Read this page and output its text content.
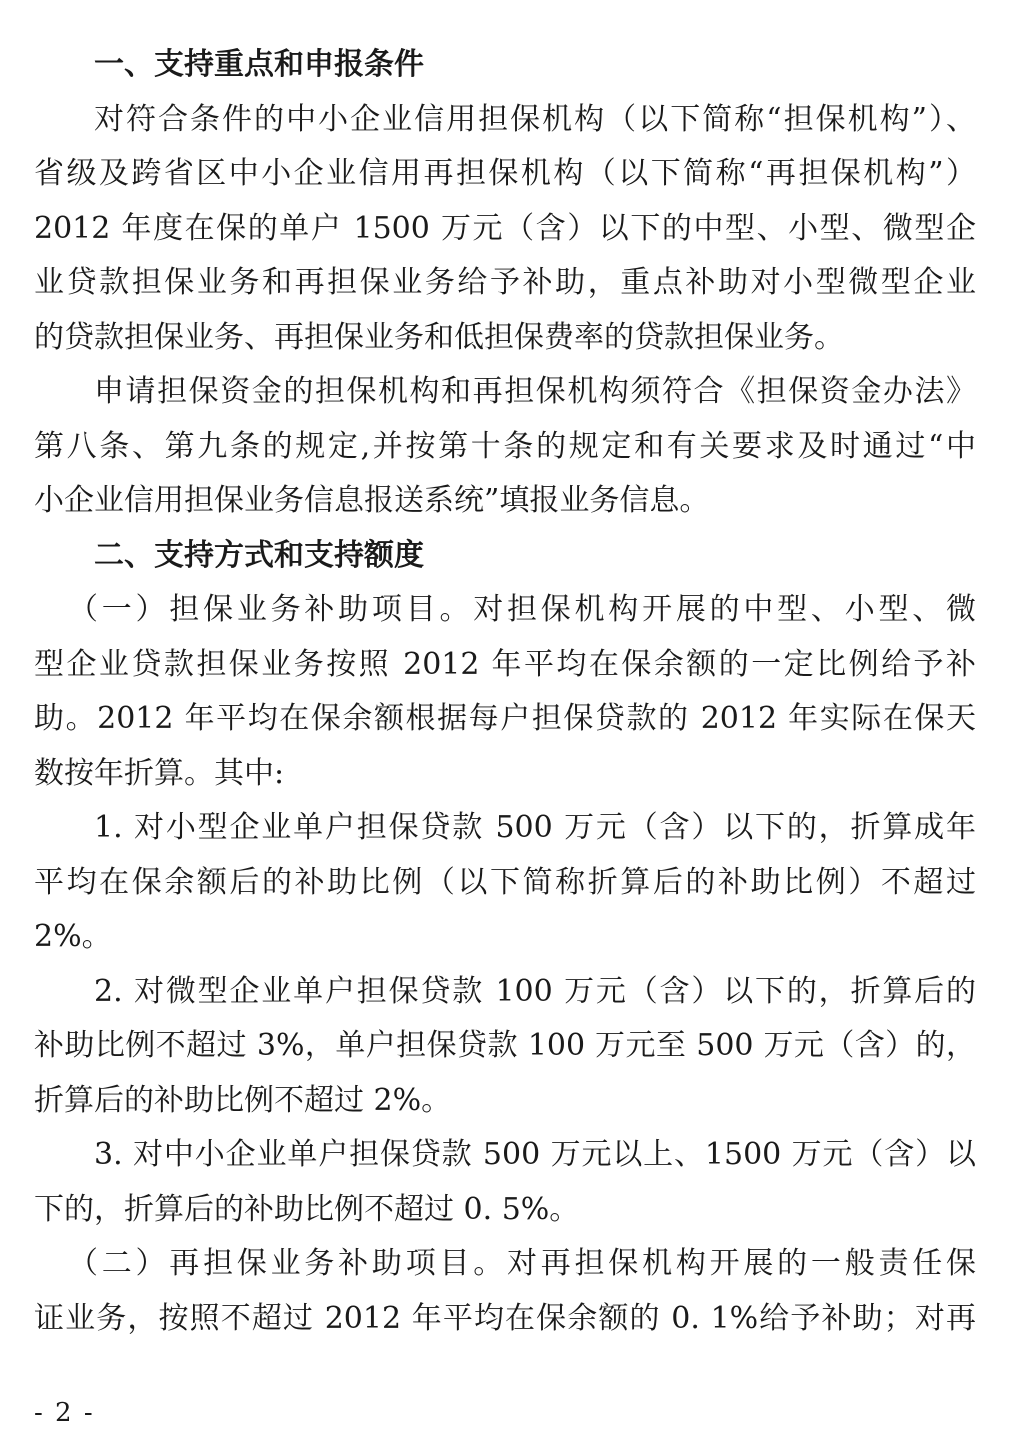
一、支持重点和申报条件
对符合条件的中小企业信用担保机构（以下简称“担保机构”）、
省级及跨省区中小企业信用再担保机构（以下简称“再担保机构”）
2012 年度在保的单户 1500 万元（含）以下的中型、小型、微型企
业贷款担保业务和再担保业务给予补助，重点补助对小型微型企业
的贷款担保业务、再担保业务和低担保费率的贷款担保业务。
申请担保资金的担保机构和再担保机构须符合《担保资金办法》
第八条、第九条的规定,并按第十条的规定和有关要求及时通过“中
小企业信用担保业务信息报送系统”填报业务信息。
二、支持方式和支持额度
（一）担保业务补助项目。对担保机构开展的中型、小型、微
型企业贷款担保业务按照 2012 年平均在保余额的一定比例给予补
助。2012 年平均在保余额根据每户担保贷款的 2012 年实际在保天
数按年折算。其中:
1. 对小型企业单户担保贷款 500 万元（含）以下的，折算成年
平均在保余额后的补助比例（以下简称折算后的补助比例）不超过
2%。
2. 对微型企业单户担保贷款 100 万元（含）以下的，折算后的
补助比例不超过 3%，单户担保贷款 100 万元至 500 万元（含）的，
折算后的补助比例不超过 2%。
3. 对中小企业单户担保贷款 500 万元以上、1500 万元（含）以
下的，折算后的补助比例不超过 0. 5%。
（二）再担保业务补助项目。对再担保机构开展的一般责任保
证业务，按照不超过 2012 年平均在保余额的 0. 1%给予补助；对再
- 2 -
